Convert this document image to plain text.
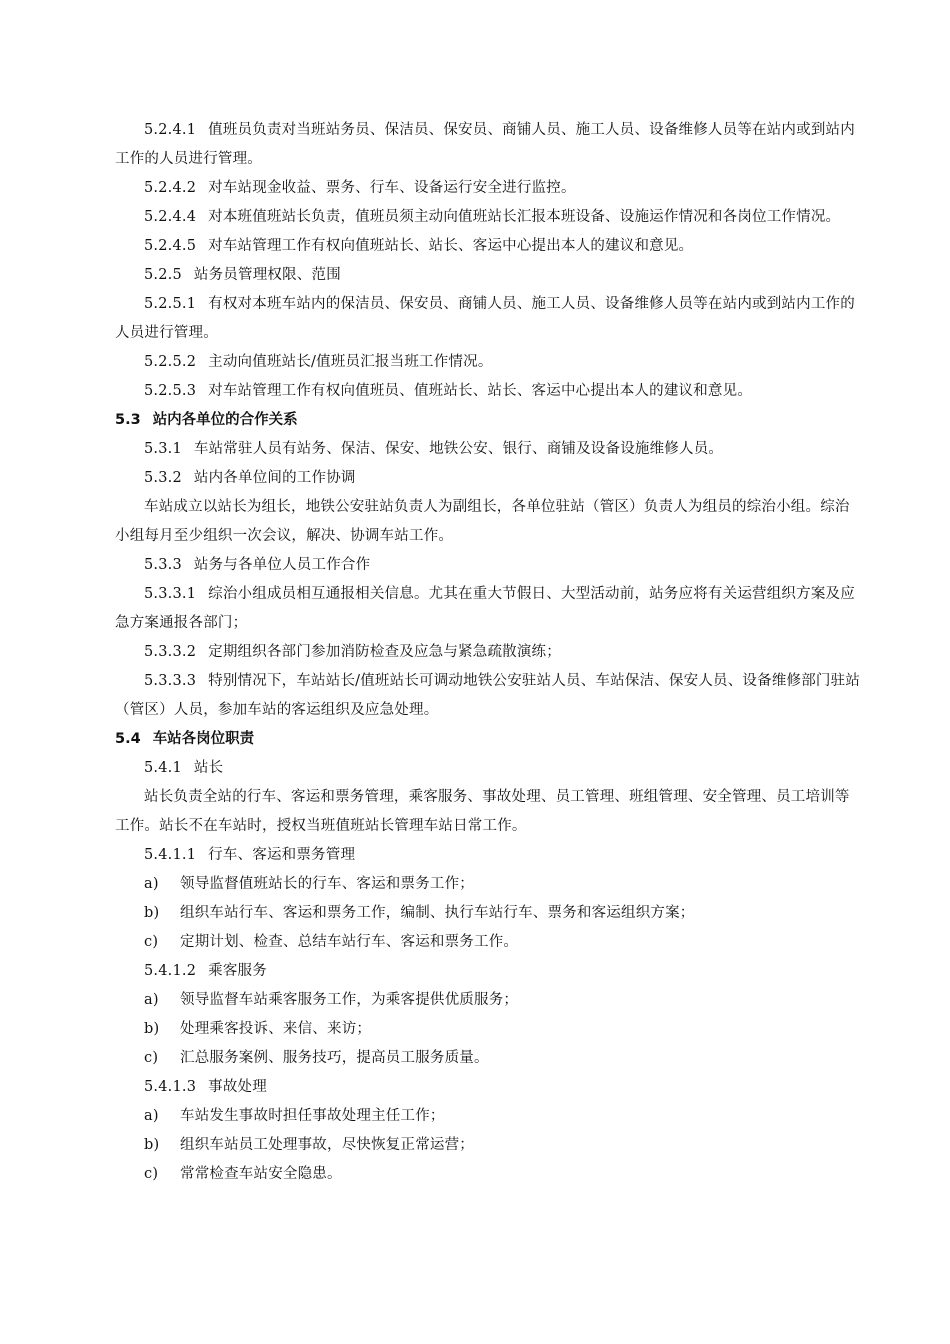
5.2.4.1 值班员负责对当班站务员、保洁员、保安员、商铺人员、施工人员、设备维修人员等在站内或到站内工作的人员进行管理。

5.2.4.2 对车站现金收益、票务、行车、设备运行安全进行监控。

5.2.4.4 对本班值班站长负责，值班员须主动向值班站长汇报本班设备、设施运作情况和各岗位工作情况。

5.2.4.5 对车站管理工作有权向值班站长、站长、客运中心提出本人的建议和意见。

5.2.5 站务员管理权限、范围

5.2.5.1 有权对本班车站内的保洁员、保安员、商铺人员、施工人员、设备维修人员等在站内或到站内工作的人员进行管理。

5.2.5.2 主动向值班站长/值班员汇报当班工作情况。

5.2.5.3 对车站管理工作有权向值班员、值班站长、站长、客运中心提出本人的建议和意见。

5.3 站内各单位的合作关系

5.3.1 车站常驻人员有站务、保洁、保安、地铁公安、银行、商铺及设备设施维修人员。

5.3.2 站内各单位间的工作协调

车站成立以站长为组长，地铁公安驻站负责人为副组长，各单位驻站（管区）负责人为组员的综治小组。综治小组每月至少组织一次会议，解决、协调车站工作。

5.3.3 站务与各单位人员工作合作

5.3.3.1 综治小组成员相互通报相关信息。尤其在重大节假日、大型活动前，站务应将有关运营组织方案及应急方案通报各部门；

5.3.3.2 定期组织各部门参加消防检查及应急与紧急疏散演练；

5.3.3.3 特别情况下，车站站长/值班站长可调动地铁公安驻站人员、车站保洁、保安人员、设备维修部门驻站（管区）人员，参加车站的客运组织及应急处理。

5.4 车站各岗位职责

5.4.1 站长

站长负责全站的行车、客运和票务管理，乘客服务、事故处理、员工管理、班组管理、安全管理、员工培训等工作。站长不在车站时，授权当班值班站长管理车站日常工作。

5.4.1.1 行车、客运和票务管理

a)	领导监督值班站长的行车、客运和票务工作；
b)	组织车站行车、客运和票务工作，编制、执行车站行车、票务和客运组织方案；
c)	定期计划、检查、总结车站行车、客运和票务工作。

5.4.1.2 乘客服务

a)	领导监督车站乘客服务工作，为乘客提供优质服务；
b)	处理乘客投诉、来信、来访；
c)	汇总服务案例、服务技巧，提高员工服务质量。

5.4.1.3 事故处理

a)	车站发生事故时担任事故处理主任工作；
b)	组织车站员工处理事故，尽快恢复正常运营；
c)	常常检查车站安全隐患。
